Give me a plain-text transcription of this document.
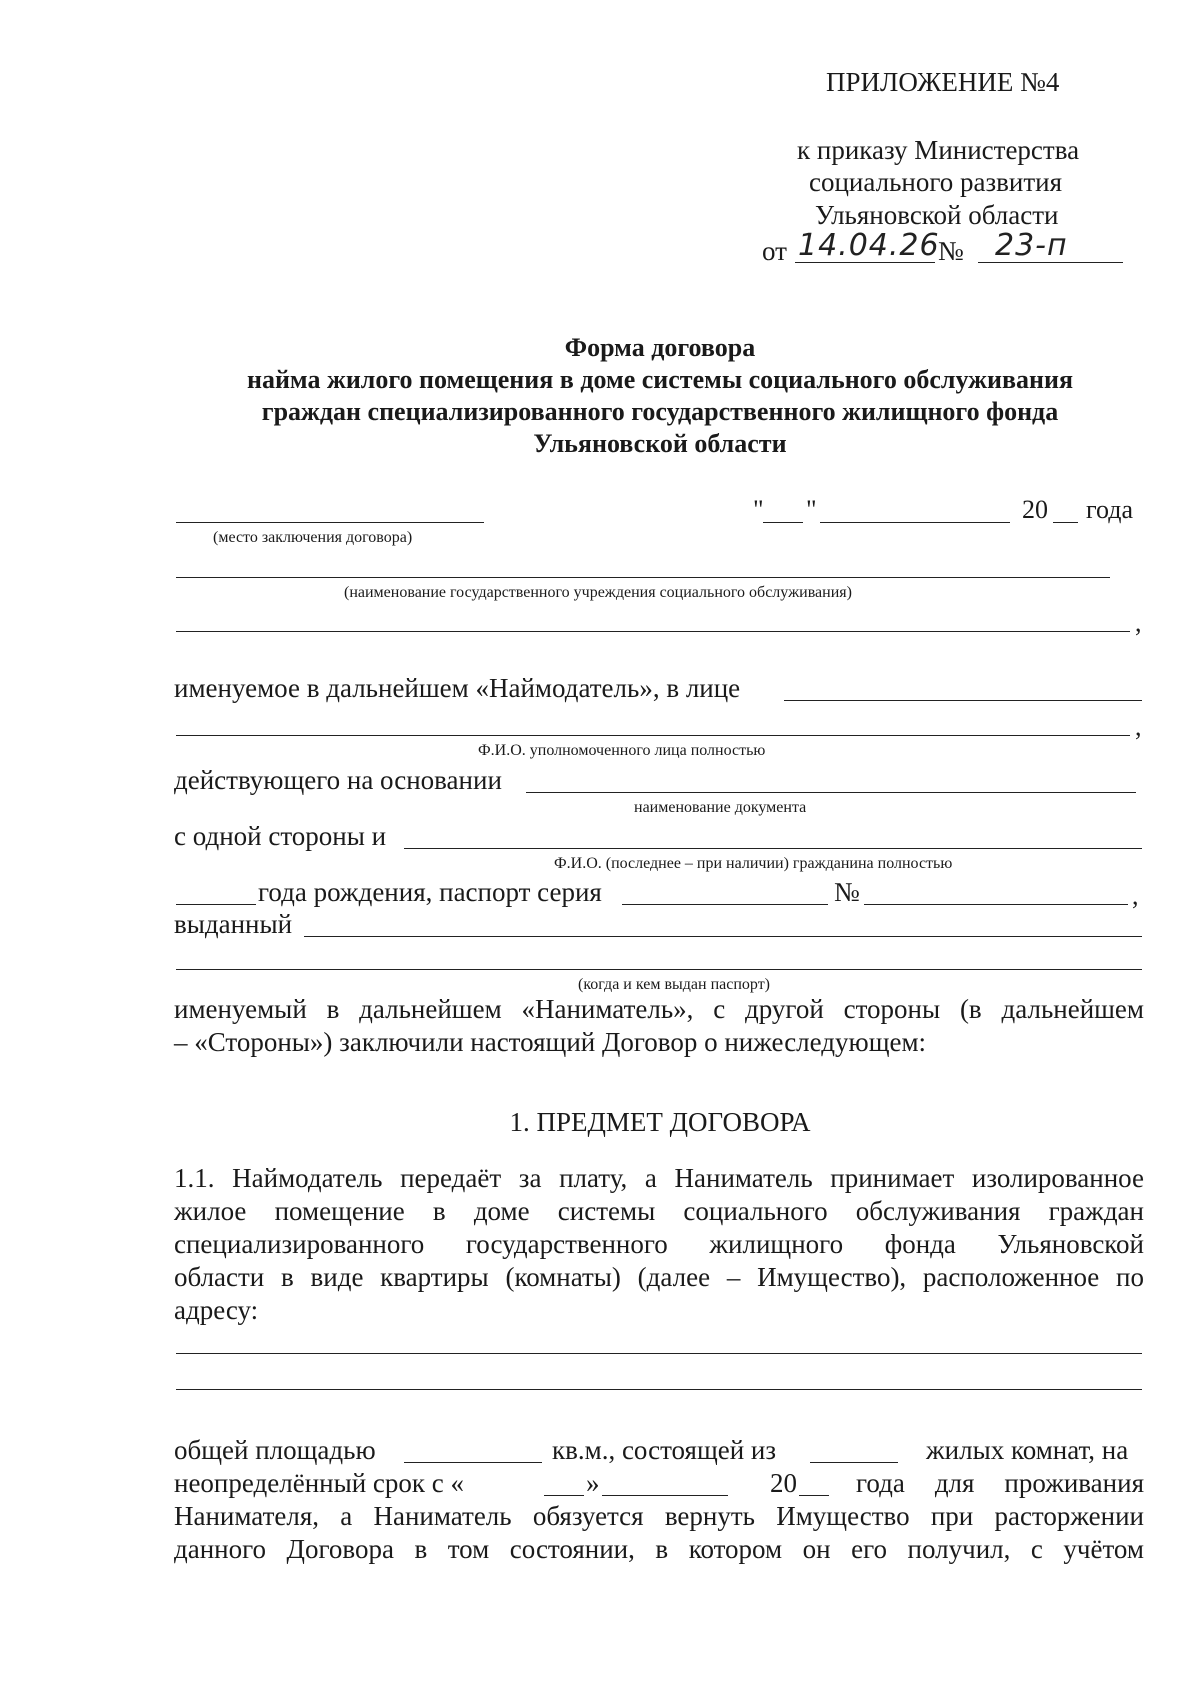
ПРИЛОЖЕНИЕ №4
к приказу Министерства
социального развития
Ульяновской области
от 14.04.26
№ 23-п
Форма договора
найма жилого помещения в доме системы социального обслуживания
граждан специализированного государственного жилищного фонда
Ульяновской области
(место заключения договора)
" "	20 года
(наименование государственного учреждения социального обслуживания)
,
именуемое в дальнейшем «Наймодатель», в лице
,
Ф.И.О. уполномоченного лица полностью
действующего на основании
наименование документа
с одной стороны и
Ф.И.О. (последнее – при наличии) гражданина полностью
года рождения, паспорт серия	№	,
выданный
(когда и кем выдан паспорт)
именуемый в дальнейшем «Наниматель», с другой стороны (в дальнейшем
– «Стороны») заключили настоящий Договор о нижеследующем:
1. ПРЕДМЕТ ДОГОВОРА
1.1. Наймодатель передаёт за плату, а Наниматель принимает изолированное
жилое помещение в доме системы социального обслуживания граждан
специализированного государственного жилищного фонда Ульяновской
области в виде квартиры (комнаты) (далее – Имущество), расположенное по
адресу:
общей площадью	кв.м., состоящей из	жилых комнат, на
неопределённый срок с «	»	20 года для проживания
Нанимателя, а Наниматель обязуется вернуть Имущество при расторжении
данного Договора в том состоянии, в котором он его получил, с учётом
